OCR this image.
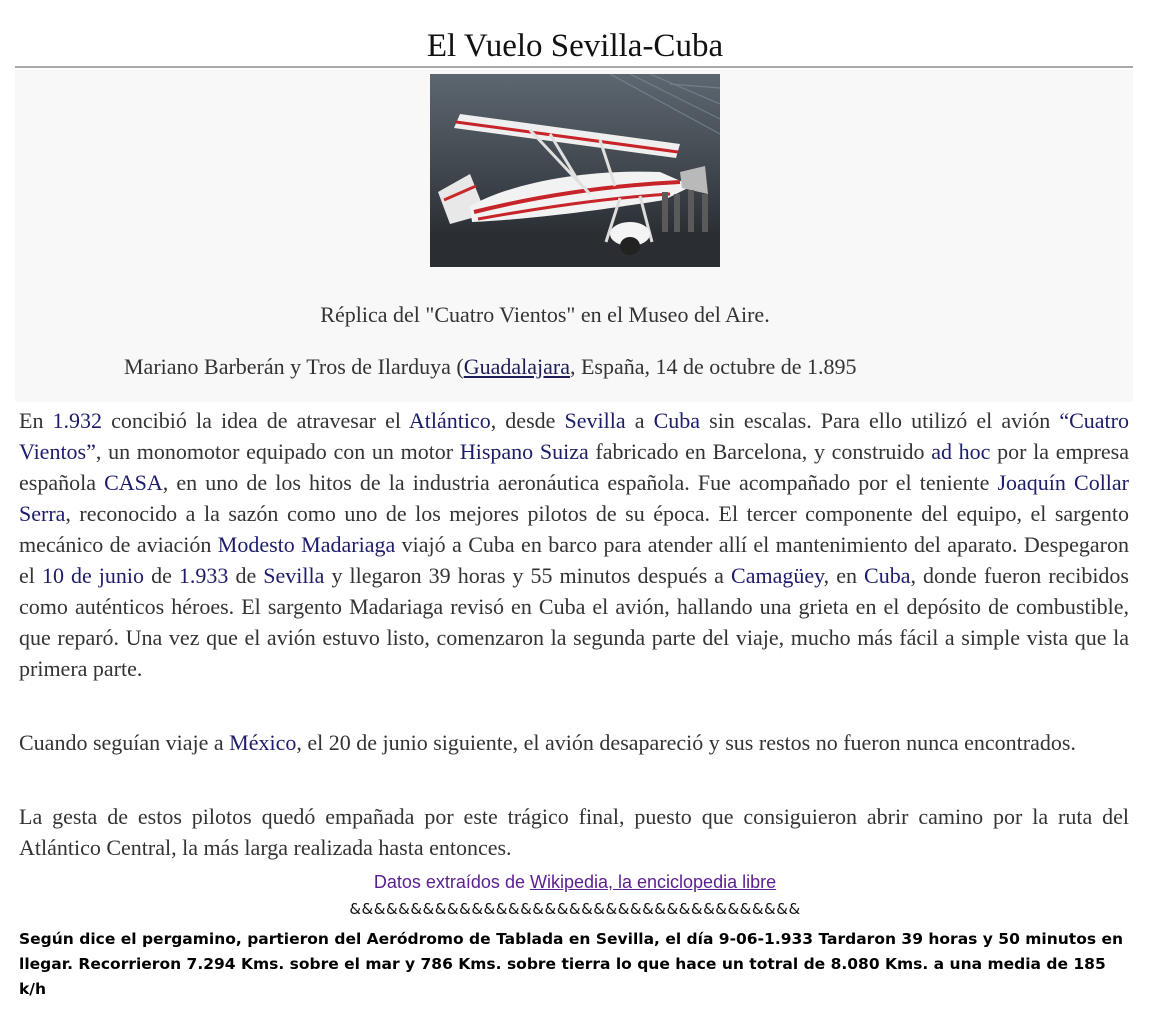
El Vuelo Sevilla-Cuba
Réplica del "Cuatro Vientos" en el Museo del Aire.
Mariano Barberán y Tros de Ilarduya (Guadalajara, España, 14 de octubre de 1.895
En 1.932 concibió la idea de atravesar el Atlántico, desde Sevilla a Cuba sin escalas. Para ello utilizó el avión “Cuatro Vientos”, un monomotor equipado con un motor Hispano Suiza fabricado en Barcelona, y construido ad hoc por la empresa española CASA, en uno de los hitos de la industria aeronáutica española. Fue acompañado por el teniente Joaquín Collar Serra, reconocido a la sazón como uno de los mejores pilotos de su época. El tercer componente del equipo, el sargento mecánico de aviación Modesto Madariaga viajó a Cuba en barco para atender allí el mantenimiento del aparato. Despegaron el 10 de junio de 1.933 de Sevilla y llegaron 39 horas y 55 minutos después a Camagüey, en Cuba, donde fueron recibidos como auténticos héroes. El sargento Madariaga revisó en Cuba el avión, hallando una grieta en el depósito de combustible, que reparó. Una vez que el avión estuvo listo, comenzaron la segunda parte del viaje, mucho más fácil a simple vista que la primera parte.
Cuando seguían viaje a México, el 20 de junio siguiente, el avión desapareció y sus restos no fueron nunca encontrados.
La gesta de estos pilotos quedó empañada por este trágico final, puesto que consiguieron abrir camino por la ruta del Atlántico Central, la más larga realizada hasta entonces.
Datos extraídos de Wikipedia, la enciclopedia libre
&&&&&&&&&&&&&&&&&&&&&&&&&&&&&&&&&&&&&
Según dice el pergamino, partieron del Aeródromo de Tablada en Sevilla, el día 9-06-1.933 Tardaron 39 horas y 50 minutos en llegar. Recorrieron 7.294 Kms. sobre el mar y 786 Kms. sobre tierra lo que hace un totral de 8.080 Kms. a una media de 185 k/h
